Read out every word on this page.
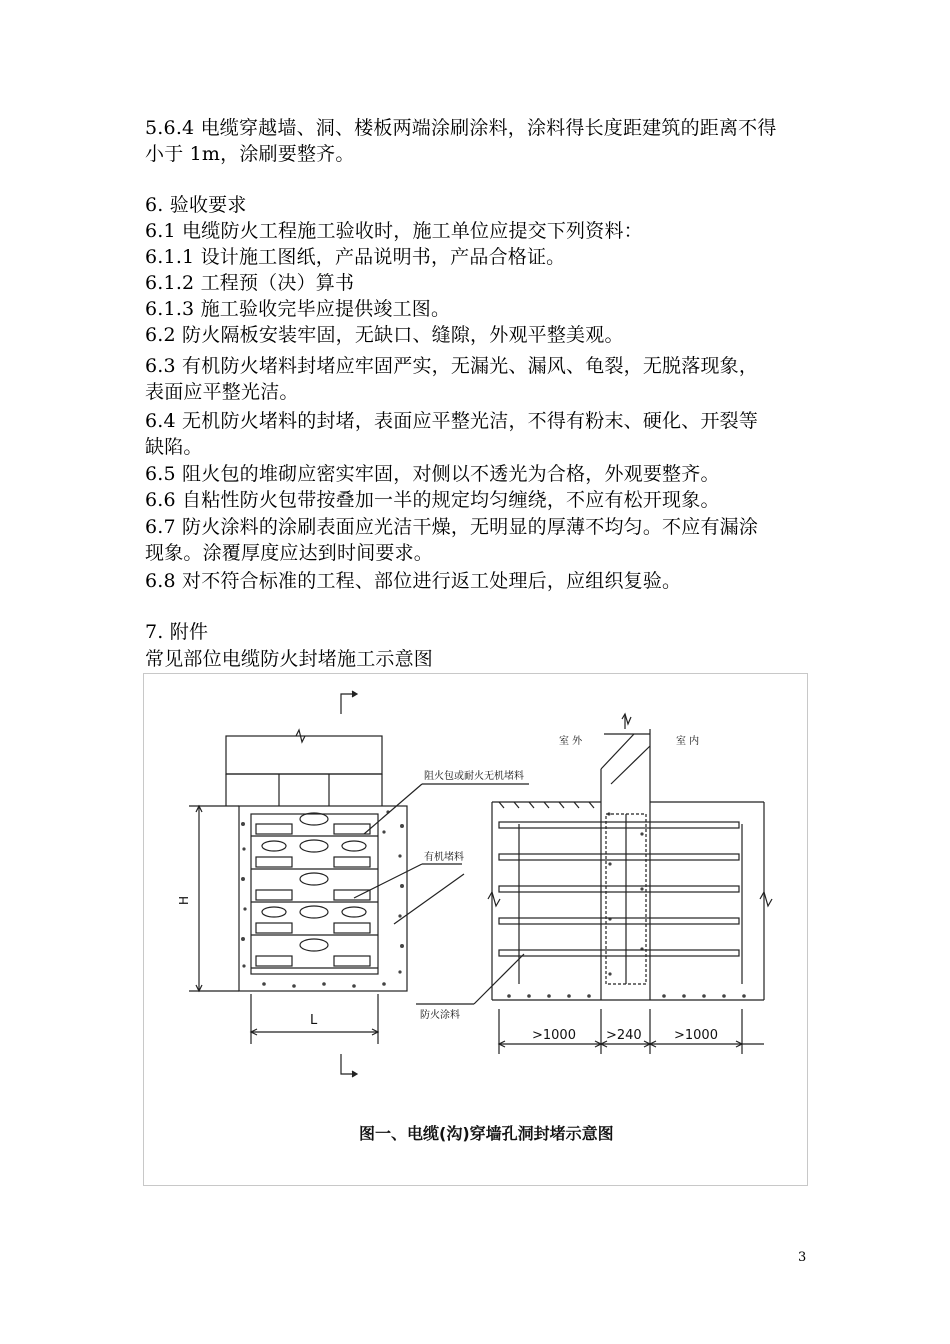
5.6.4 电缆穿越墙、洞、楼板两端涂刷涂料，涂料得长度距建筑的距离不得
小于 1m，涂刷要整齐。
6. 验收要求
6.1 电缆防火工程施工验收时，施工单位应提交下列资料：
6.1.1 设计施工图纸，产品说明书，产品合格证。
6.1.2 工程预（决）算书
6.1.3 施工验收完毕应提供竣工图。
6.2 防火隔板安装牢固，无缺口、缝隙，外观平整美观。
6.3 有机防火堵料封堵应牢固严实，无漏光、漏风、龟裂，无脱落现象，
表面应平整光洁。
6.4 无机防火堵料的封堵，表面应平整光洁，不得有粉末、硬化、开裂等
缺陷。
6.5 阻火包的堆砌应密实牢固，对侧以不透光为合格，外观要整齐。
6.6 自粘性防火包带按叠加一半的规定均匀缠绕，不应有松开现象。
6.7 防火涂料的涂刷表面应光洁干燥，无明显的厚薄不均匀。不应有漏涂
现象。涂覆厚度应达到时间要求。
6.8 对不符合标准的工程、部位进行返工处理后，应组织复验。
7. 附件
常见部位电缆防火封堵施工示意图
阻火包或耐火无机堵料
有机堵料
防火涂料
室 外	室 内
H
L
>1000 >240 >1000
图一、电缆(沟)穿墙孔洞封堵示意图
3
